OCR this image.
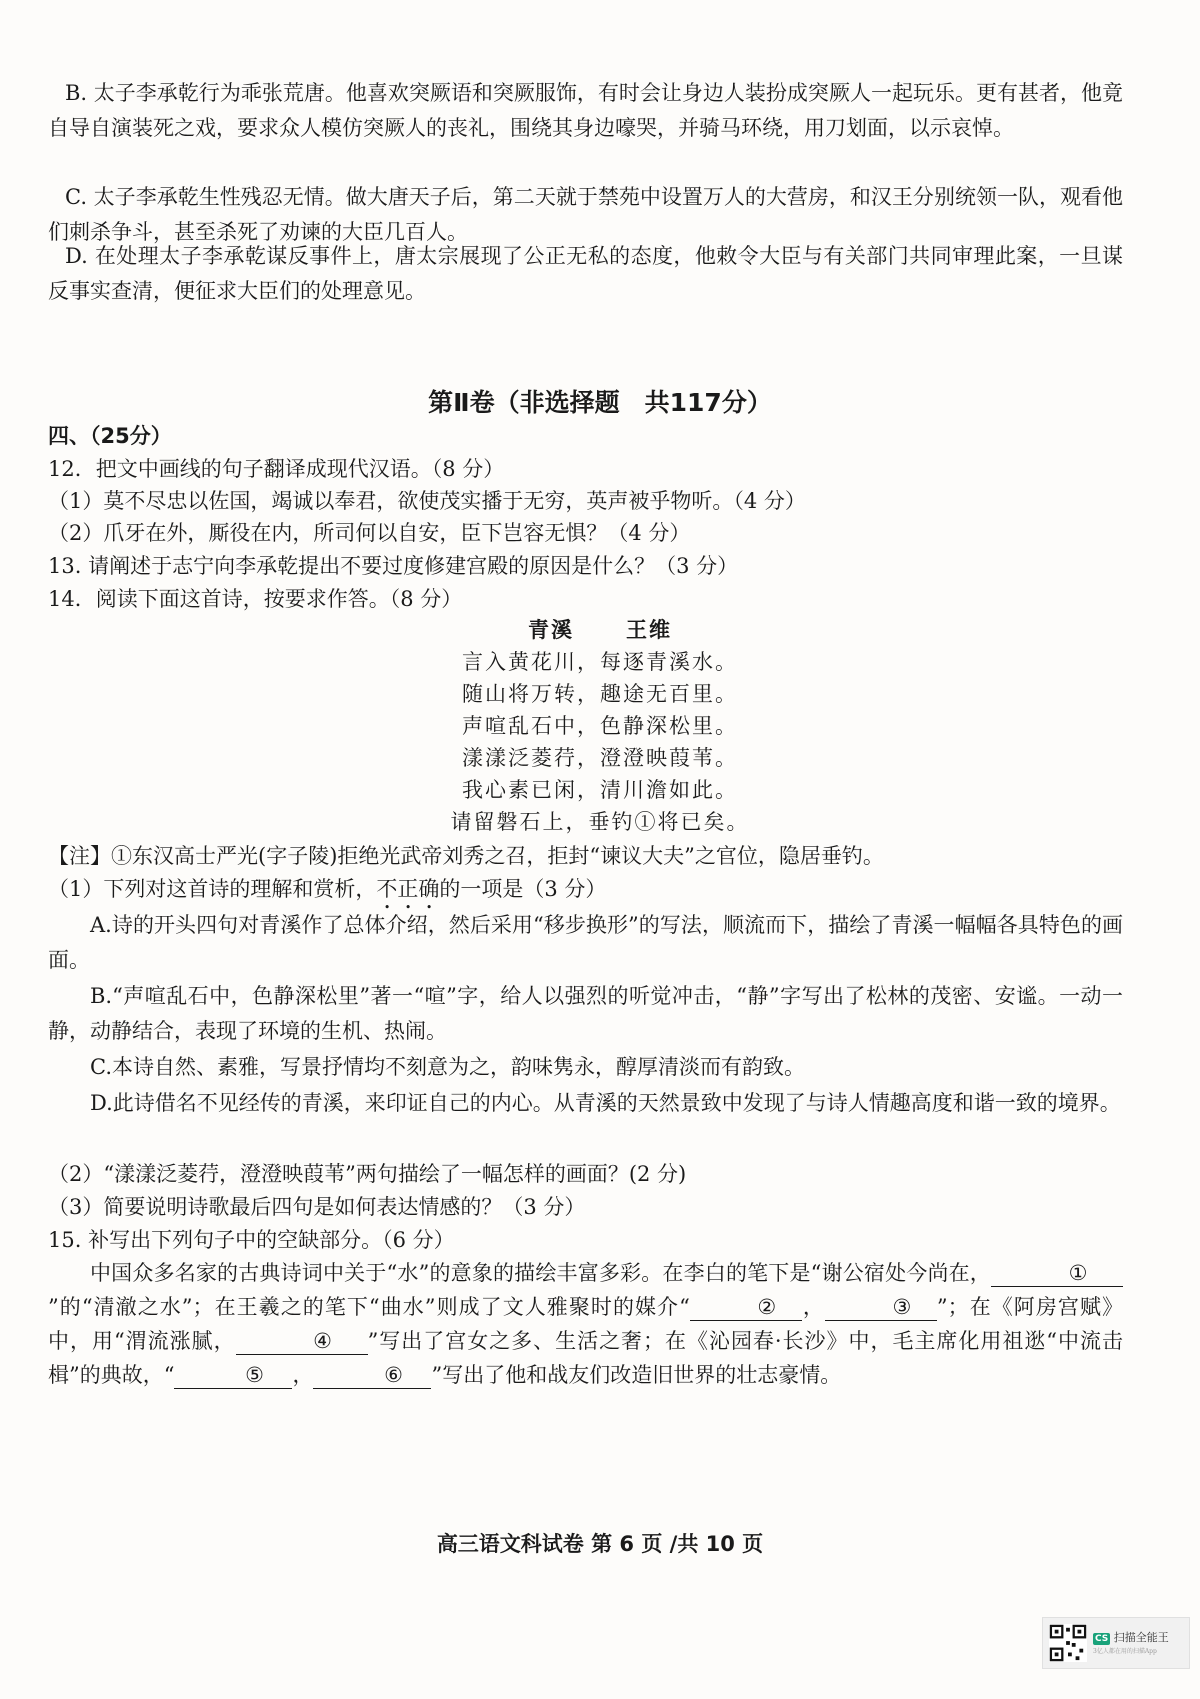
B. 太子李承乾行为乖张荒唐。他喜欢突厥语和突厥服饰，有时会让身边人装扮成突厥人一起玩乐。更有甚者，他竟自导自演装死之戏，要求众人模仿突厥人的丧礼，围绕其身边嚎哭，并骑马环绕，用刀划面，以示哀悼。

C. 太子李承乾生性残忍无情。做大唐天子后，第二天就于禁苑中设置万人的大营房，和汉王分别统领一队，观看他们刺杀争斗，甚至杀死了劝谏的大臣几百人。

D. 在处理太子李承乾谋反事件上，唐太宗展现了公正无私的态度，他敕令大臣与有关部门共同审理此案，一旦谋反事实查清，便征求大臣们的处理意见。

第Ⅱ卷（非选择题　共117分）

四、（25分）

12．把文中画线的句子翻译成现代汉语。（8 分）

（1）莫不尽忠以佐国，竭诚以奉君，欲使茂实播于无穷，英声被乎物听。（4 分）

（2）爪牙在外，厮役在内，所司何以自安，臣下岂容无惧？（4 分）

13. 请阐述于志宁向李承乾提出不要过度修建宫殿的原因是什么？（3 分）

14．阅读下面这首诗，按要求作答。（8 分）

青溪 王维
言入黄花川，每逐青溪水。
随山将万转，趣途无百里。
声喧乱石中，色静深松里。
漾漾泛菱荇，澄澄映葭苇。
我心素已闲，清川澹如此。
请留磐石上，垂钓①将已矣。

【注】①东汉高士严光(字子陵)拒绝光武帝刘秀之召，拒封“谏议大夫”之官位，隐居垂钓。

（1）下列对这首诗的理解和赏析，不正确的一项是（3 分）

A.诗的开头四句对青溪作了总体介绍，然后采用“移步换形”的写法，顺流而下，描绘了青溪一幅幅各具特色的画面。

B.“声喧乱石中，色静深松里”著一“喧”字，给人以强烈的听觉冲击，“静”字写出了松林的茂密、安谧。一动一静，动静结合，表现了环境的生机、热闹。

C.本诗自然、素雅，写景抒情均不刻意为之，韵味隽永，醇厚清淡而有韵致。

D.此诗借名不见经传的青溪，来印证自己的内心。从青溪的天然景致中发现了与诗人情趣高度和谐一致的境界。

（2）“漾漾泛菱荇，澄澄映葭苇”两句描绘了一幅怎样的画面？(2 分)

（3）简要说明诗歌最后四句是如何表达情感的？（3 分）

15. 补写出下列句子中的空缺部分。（6 分）

中国众多名家的古典诗词中关于“水”的意象的描绘丰富多彩。在李白的笔下是“谢公宿处今尚在，	①”的“清澈之水”；在王羲之的笔下“曲水”则成了文人雅聚时的媒介“	② ，	③ ”；在《阿房宫赋》中，用“渭流涨腻，	④ ”写出了宫女之多、生活之奢；在《沁园春·长沙》中，毛主席化用祖逖“中流击楫”的典故，“	⑤ ，	⑥ ”写出了他和战友们改造旧世界的壮志豪情。

高三语文科试卷 第 6 页 /共 10 页
CS 扫描全能王
3亿人都在用的扫描App
